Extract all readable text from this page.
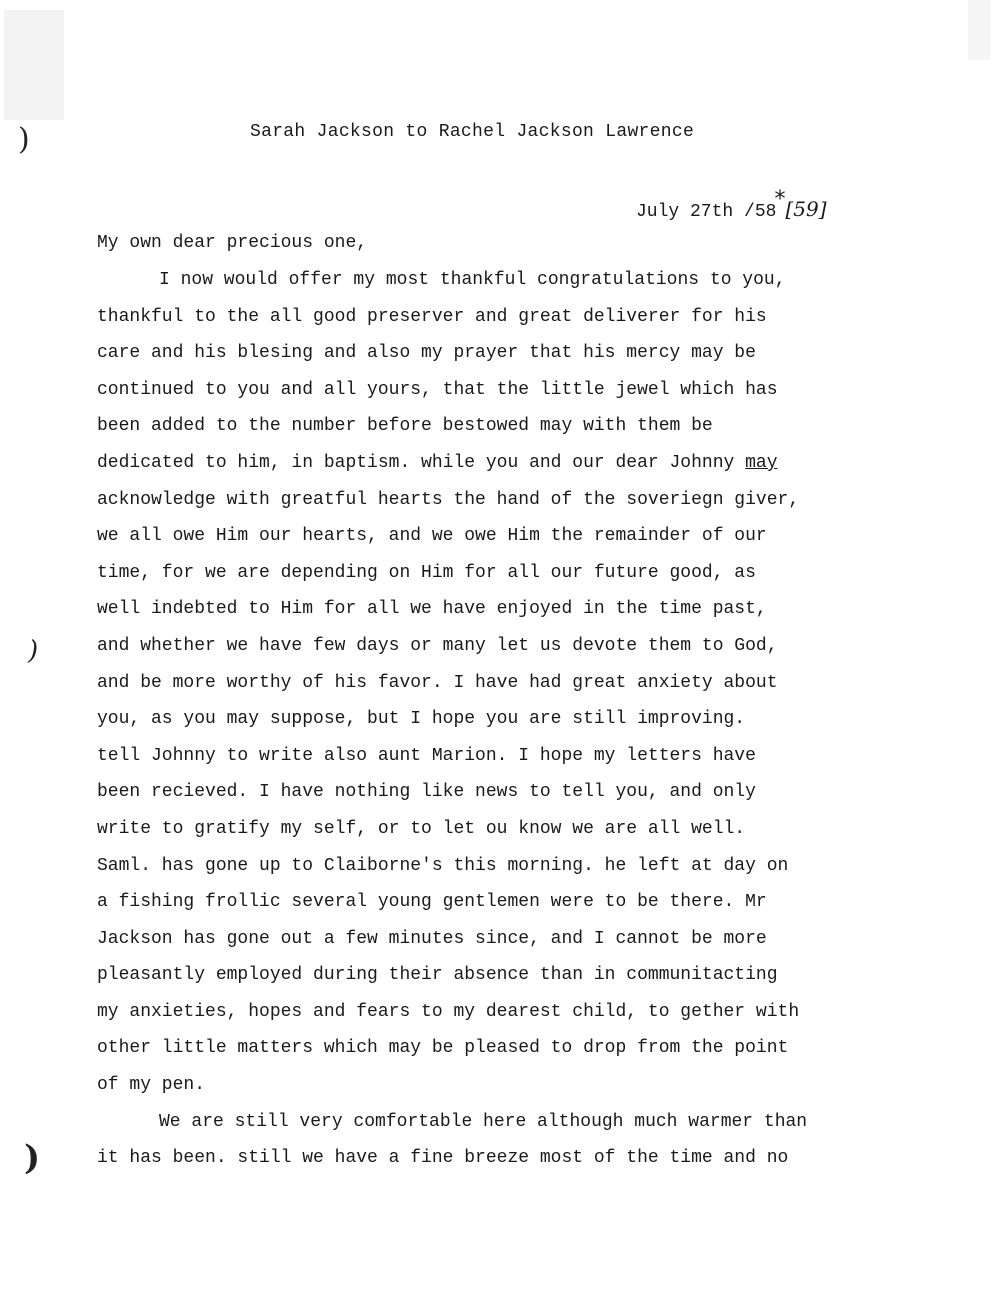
)
)
)
Sarah Jackson to Rachel Jackson Lawrence
July 27th /58*[59]
My own dear precious one,
I now would offer my most thankful congratulations to you,
thankful to the all good preserver and great deliverer for his
care and his blesing and also my prayer that his mercy may be
continued to you and all yours, that the little jewel which has
been added to the number before bestowed may with them be
dedicated to him, in baptism. while you and our dear Johnny may
acknowledge with greatful hearts the hand of the soveriegn giver,
we all owe Him our hearts, and we owe Him the remainder of our
time, for we are depending on Him for all our future good, as
well indebted to Him for all we have enjoyed in the time past,
and whether we have few days or many let us devote them to God,
and be more worthy of his favor. I have had great anxiety about
you, as you may suppose, but I hope you are still improving.
tell Johnny to write also aunt Marion. I hope my letters have
been recieved. I have nothing like news to tell you, and only
write to gratify my self, or to let ou know we are all well.
Saml. has gone up to Claiborne's this morning. he left at day on
a fishing frollic several young gentlemen were to be there. Mr
Jackson has gone out a few minutes since, and I cannot be more
pleasantly employed during their absence than in communitacting
my anxieties, hopes and fears to my dearest child, to gether with
other little matters which may be pleased to drop from the point
of my pen.
We are still very comfortable here although much warmer than
it has been. still we have a fine breeze most of the time and no
